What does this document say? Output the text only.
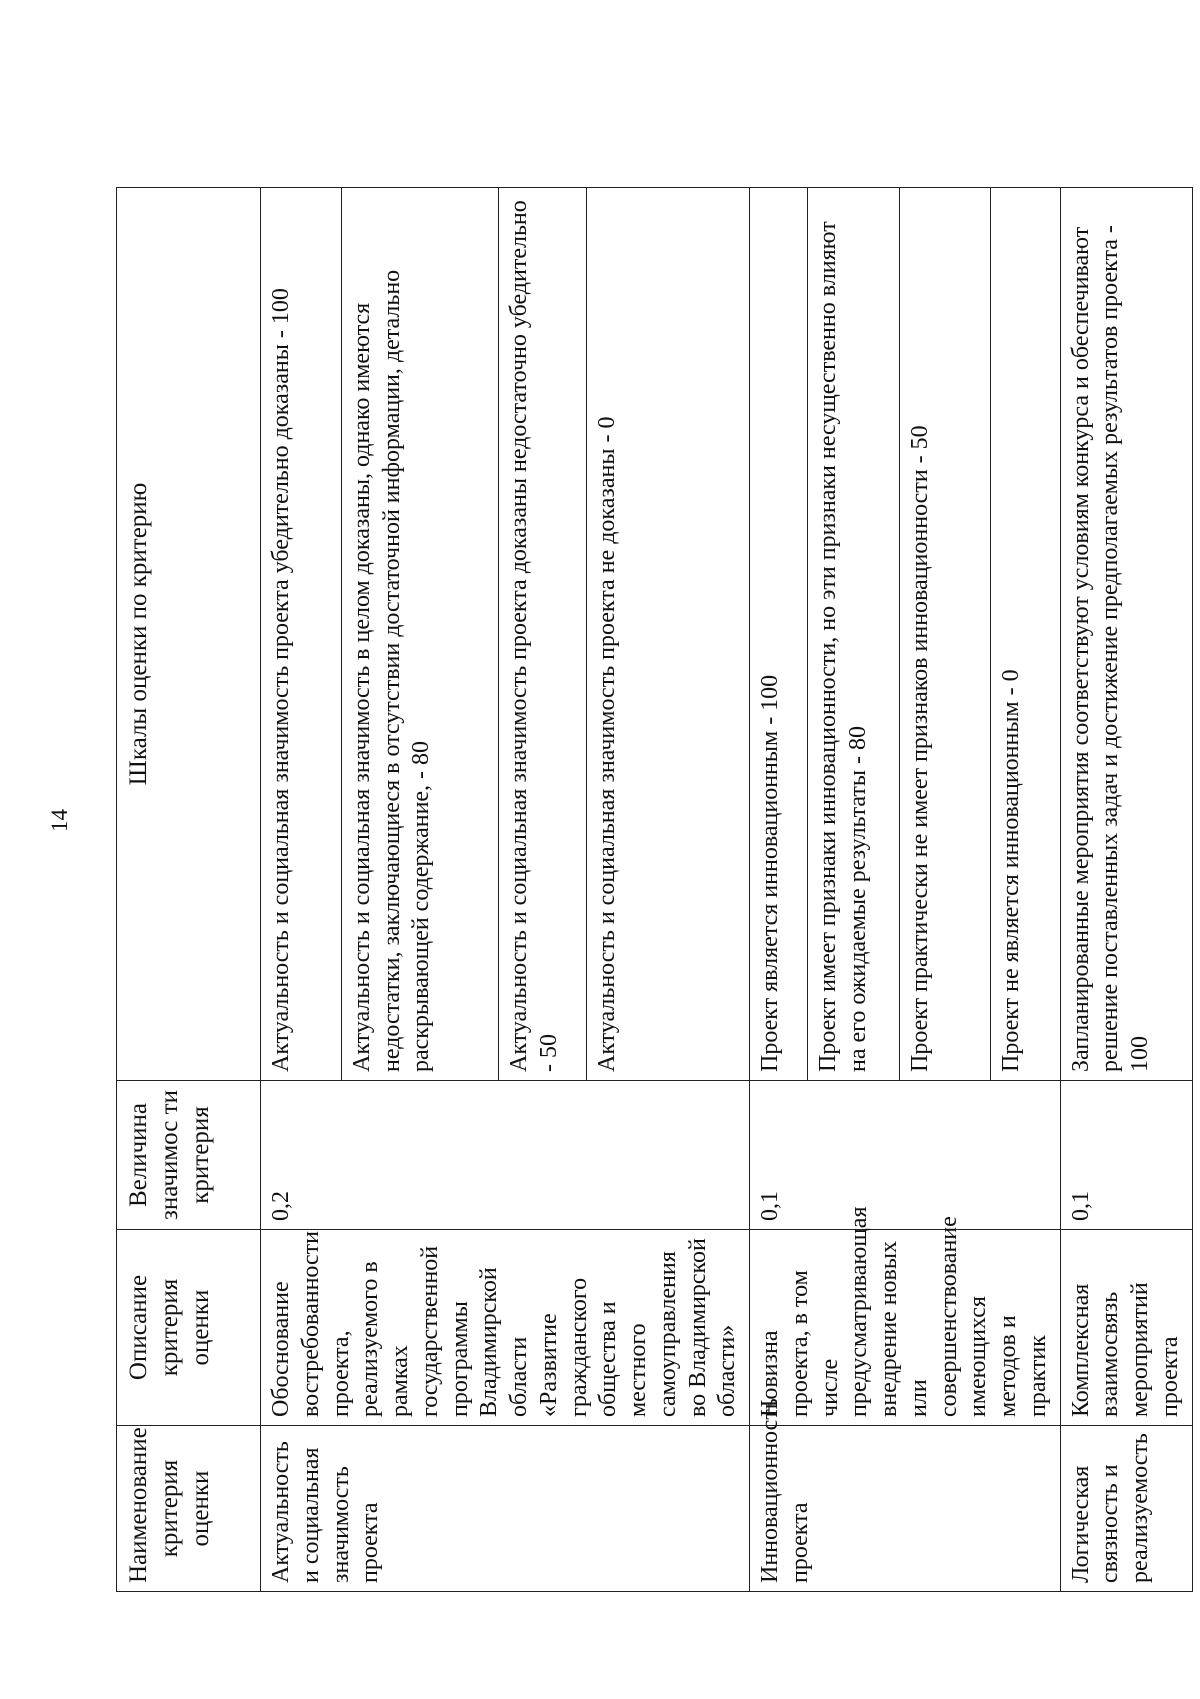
14
Наименование критерия оценки	Описание критерия оценки	Величина значимос ти критерия	Шкалы оценки по критерию
Актуальность и социальная значимость проекта	Обоснование востребованности проекта, реализуемого в рамках государственной программы Владимирской области «Развитие гражданского общества и местного самоуправления во Владимирской области»	0,2	Актуальность и социальная значимость проекта убедительно доказаны - 100
			Актуальность и социальная значимость в целом доказаны, однако имеются недостатки, заключающиеся в отсутствии достаточной информации, детально раскрывающей содержание, - 80
			Актуальность и социальная значимость проекта доказаны недостаточно убедительно - 50
			Актуальность и социальная значимость проекта не доказаны - 0
Инновационность проекта	Новизна проекта, в том числе предусматривающая внедрение новых или совершенствование имеющихся методов и практик	0,1	Проект является инновационным - 100
			Проект имеет признаки инновационности, но эти признаки несущественно влияют на его ожидаемые результаты - 80
			Проект практически не имеет признаков инновационности - 50
			Проект не является инновационным - 0
Логическая связность и реализуемость	Комплексная взаимосвязь мероприятий проекта	0,1	Запланированные мероприятия соответствуют условиям конкурса и обеспечивают решение поставленных задач и достижение предполагаемых результатов проекта - 100
